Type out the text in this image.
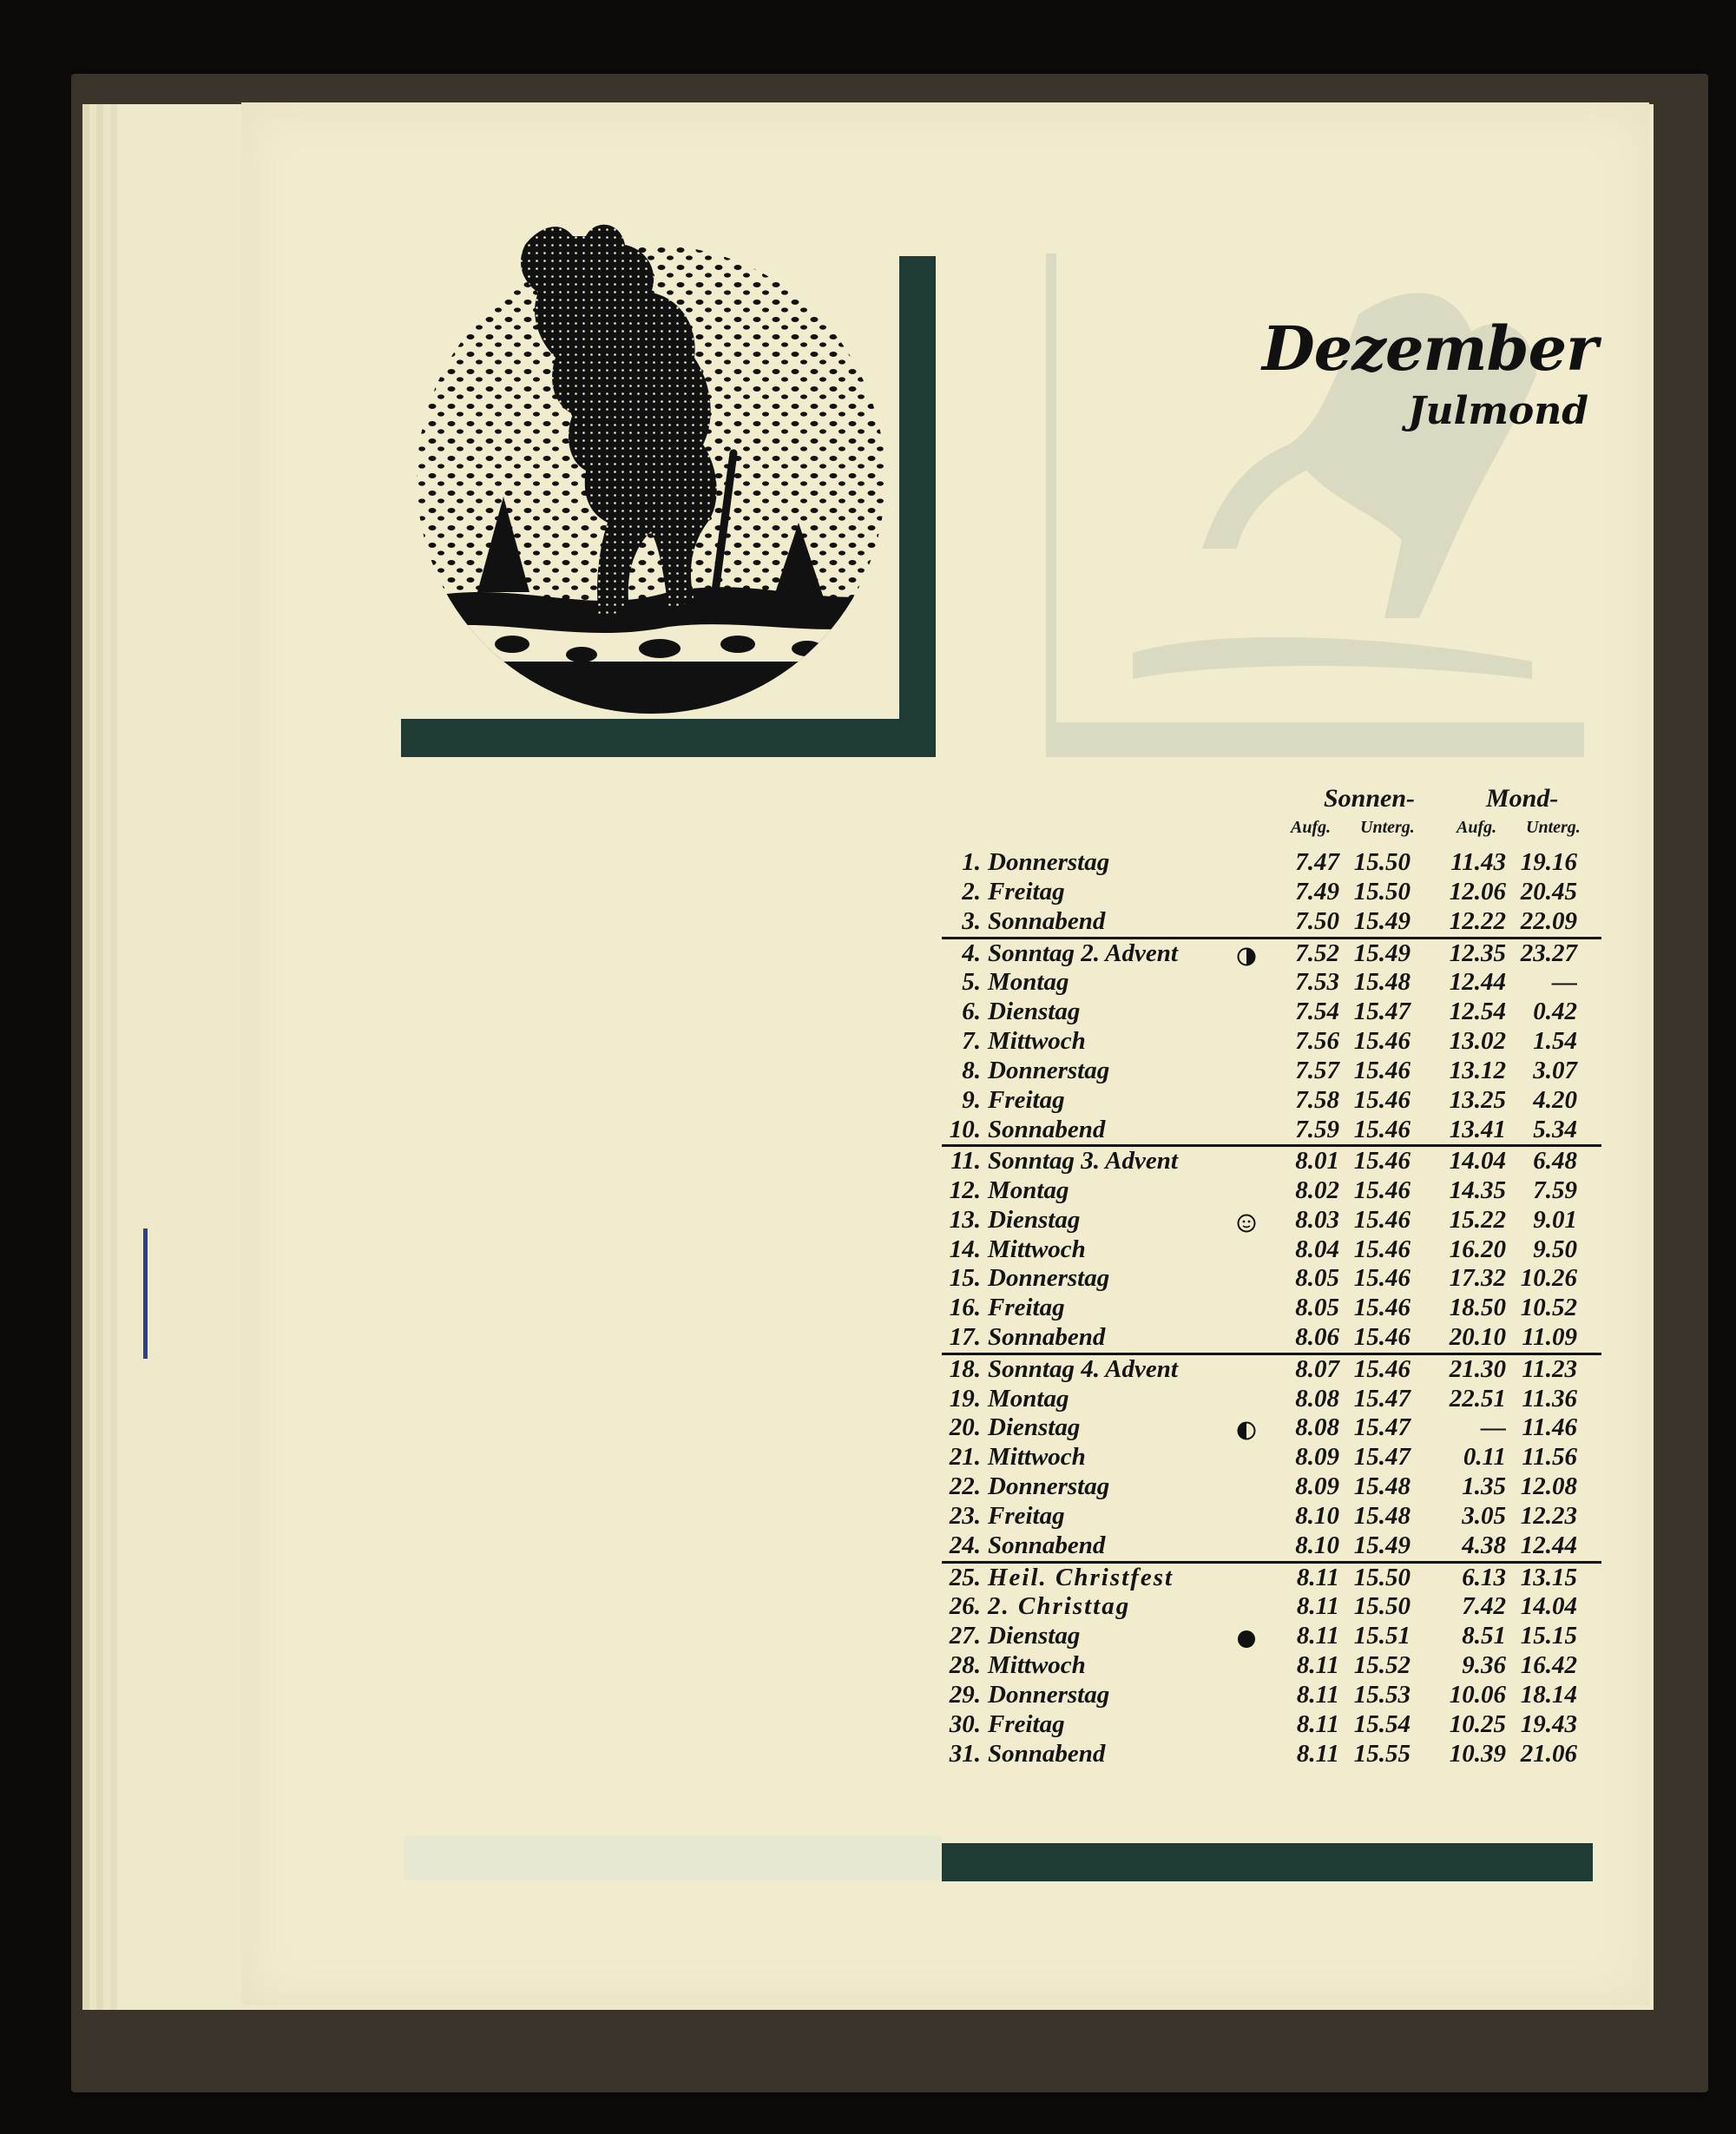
Dezember
Julmond
Sonnen-	Mond-
Aufg. Unterg. Aufg. Unterg.
1. Donnerstag	7.47 15.50	11.43 19.16
2. Freitag	7.49 15.50	12.06 20.45
3. Sonnabend	7.50 15.49	12.22 22.09
4. Sonntag 2. Advent	7.52 15.49	12.35 23.27
5. Montag	7.53 15.48	12.44	—
6. Dienstag	7.54 15.47	12.54	0.42
7. Mittwoch	7.56 15.46	13.02	1.54
8. Donnerstag	7.57 15.46	13.12	3.07
9. Freitag	7.58 15.46	13.25	4.20
10. Sonnabend	7.59 15.46	13.41	5.34
11. Sonntag 3. Advent	8.01 15.46	14.04	6.48
12. Montag	8.02 15.46	14.35	7.59
13. Dienstag	8.03 15.46	15.22	9.01
14. Mittwoch	8.04 15.46	16.20	9.50
15. Donnerstag	8.05 15.46	17.32 10.26
16. Freitag	8.05 15.46	18.50 10.52
17. Sonnabend	8.06 15.46	20.10 11.09
18. Sonntag 4. Advent	8.07 15.46	21.30 11.23
19. Montag	8.08 15.47	22.51 11.36
20. Dienstag	8.08 15.47	— 11.46
21. Mittwoch	8.09 15.47	0.11 11.56
22. Donnerstag	8.09 15.48	1.35 12.08
23. Freitag	8.10 15.48	3.05 12.23
24. Sonnabend	8.10 15.49	4.38 12.44
25. Heil. Christfest	8.11 15.50	6.13 13.15
26. 2. Christtag	8.11 15.50	7.42 14.04
27. Dienstag	8.11 15.51	8.51 15.15
28. Mittwoch	8.11 15.52	9.36 16.42
29. Donnerstag	8.11 15.53	10.06 18.14
30. Freitag	8.11 15.54	10.25 19.43
31. Sonnabend	8.11 15.55	10.39 21.06
